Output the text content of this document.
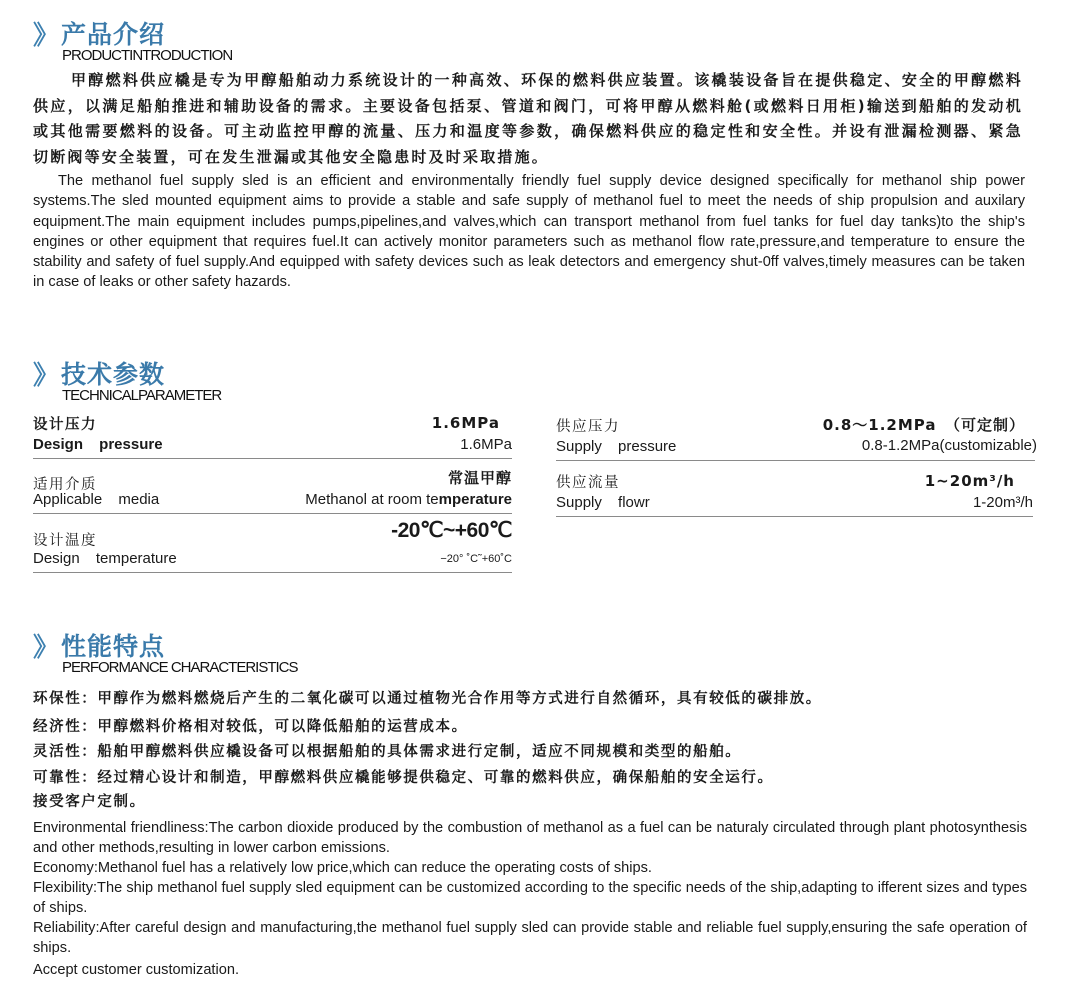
》 产品介绍
PRODUCTINTRODUCTION
甲醇燃料供应橇是专为甲醇船舶动力系统设计的一种高效、环保的燃料供应装置。该橇装设备旨在提供稳定、安全的甲醇燃料供应，以满足船舶推进和辅助设备的需求。主要设备包括泵、管道和阀门，可将甲醇从燃料舱(或燃料日用柜)输送到船舶的发动机或其他需要燃料的设备。可主动监控甲醇的流量、压力和温度等参数，确保燃料供应的稳定性和安全性。并设有泄漏检测器、紧急切断阀等安全装置，可在发生泄漏或其他安全隐患时及时采取措施。
The methanol fuel supply sled is an efficient and environmentally friendly fuel supply device designed specifically for methanol ship power systems.The sled mounted equipment aims to provide a stable and safe supply of methanol fuel to meet the needs of ship propulsion and auxilary equipment.The main equipment includes pumps,pipelines,and valves,which can transport methanol from fuel tanks for fuel day tanks)to the ship's engines or other equipment that requires fuel.It can actively monitor parameters such as methanol flow rate,pressure,and temperature to ensure the stability and safety of fuel supply.And equipped with safety devices such as leak detectors and emergency shut-0ff valves,timely measures can be taken in case of leaks or other safety hazards.
》 技术参数
TECHNICALPARAMETER
设计压力
Design pressure
1.6MPa
1.6MPa
适用介质
Applicable media
常温甲醇
Methanol at room temperature
设计温度
Design temperature
-20℃~+60℃
−20° ˚C˜+60˚C
供应压力
Supply pressure
0.8～1.2MPa　（可定制）
0.8-1.2MPa(customizable)
供应流量
Supply flowr
1~20m³/h
1-20m³/h
》 性能特点
PERFORMANCE CHARACTERISTICS
环保性：甲醇作为燃料燃烧后产生的二氧化碳可以通过植物光合作用等方式进行自然循环，具有较低的碳排放。
经济性：甲醇燃料价格相对较低，可以降低船舶的运营成本。
灵活性：船舶甲醇燃料供应橇设备可以根据船舶的具体需求进行定制，适应不同规模和类型的船舶。
可靠性：经过精心设计和制造，甲醇燃料供应橇能够提供稳定、可靠的燃料供应，确保船舶的安全运行。
接受客户定制。

Environmental friendliness:The carbon dioxide produced by the combustion of methanol as a fuel can be naturaly circulated through plant photosynthesis and other methods,resulting in lower carbon emissions.

Economy:Methanol fuel has a relatively low price,which can reduce the operating costs of ships.

Flexibility:The ship methanol fuel supply sled equipment can be customized according to the specific needs of the ship,adapting to ifferent sizes and types of ships.

Reliability:After careful design and manufacturing,the methanol fuel supply sled can provide stable and reliable fuel supply,ensuring the safe operation of ships.

Accept customer customization.
